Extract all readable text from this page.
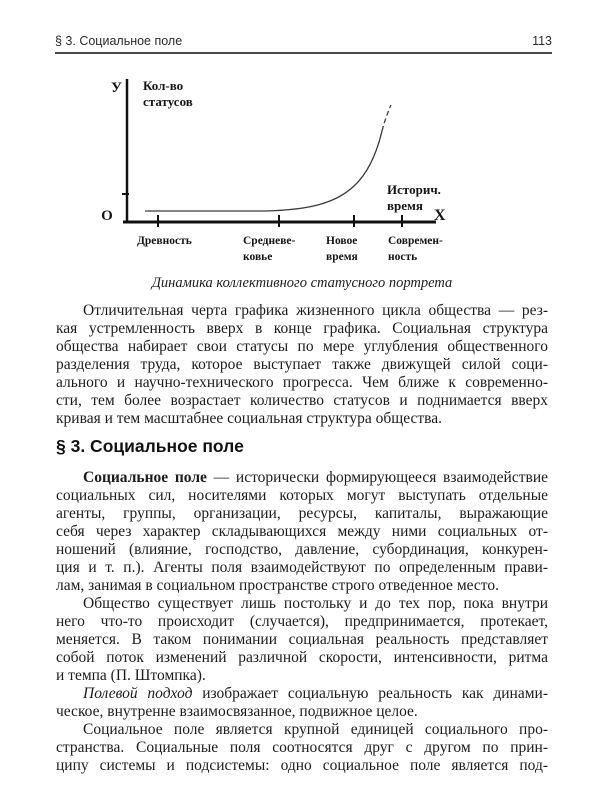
§ 3. Социальное поле	113
У
О	Х
Кол-во
статусов
Историч.
время
Древность	Средневе-
ковье
Новое
время
Современ-
ность
Динамика коллективного статусного портрета
Отличительная черта графика жизненного цикла общества — рез-
кая устремленность вверх в конце графика. Социальная структура
общества набирает свои статусы по мере углубления общественного
разделения труда, которое выступает также движущей силой соци-
ального и научно-технического прогресса. Чем ближе к современно-
сти, тем более возрастает количество статусов и поднимается вверх
кривая и тем масштабнее социальная структура общества.
§ 3. Социальное поле
Социальное поле — исторически формирующееся взаимодействие
социальных сил, носителями которых могут выступать отдельные
агенты, группы, организации, ресурсы, капиталы, выражающие
себя через характер складывающихся между ними социальных от-
ношений (влияние, господство, давление, субординация, конкурен-
ция и т. п.). Агенты поля взаимодействуют по определенным прави-
лам, занимая в социальном пространстве строго отведенное место.
Общество существует лишь постольку и до тех пор, пока внутри
него что-то происходит (случается), предпринимается, протекает,
меняется. В таком понимании социальная реальность представляет
собой поток изменений различной скорости, интенсивности, ритма
и темпа (П. Штомпка).
Полевой подход изображает социальную реальность как динами-
ческое, внутренне взаимосвязанное, подвижное целое.
Социальное поле является крупной единицей социального про-
странства. Социальные поля соотносятся друг с другом по прин-
ципу системы и подсистемы: одно социальное поле является под-
